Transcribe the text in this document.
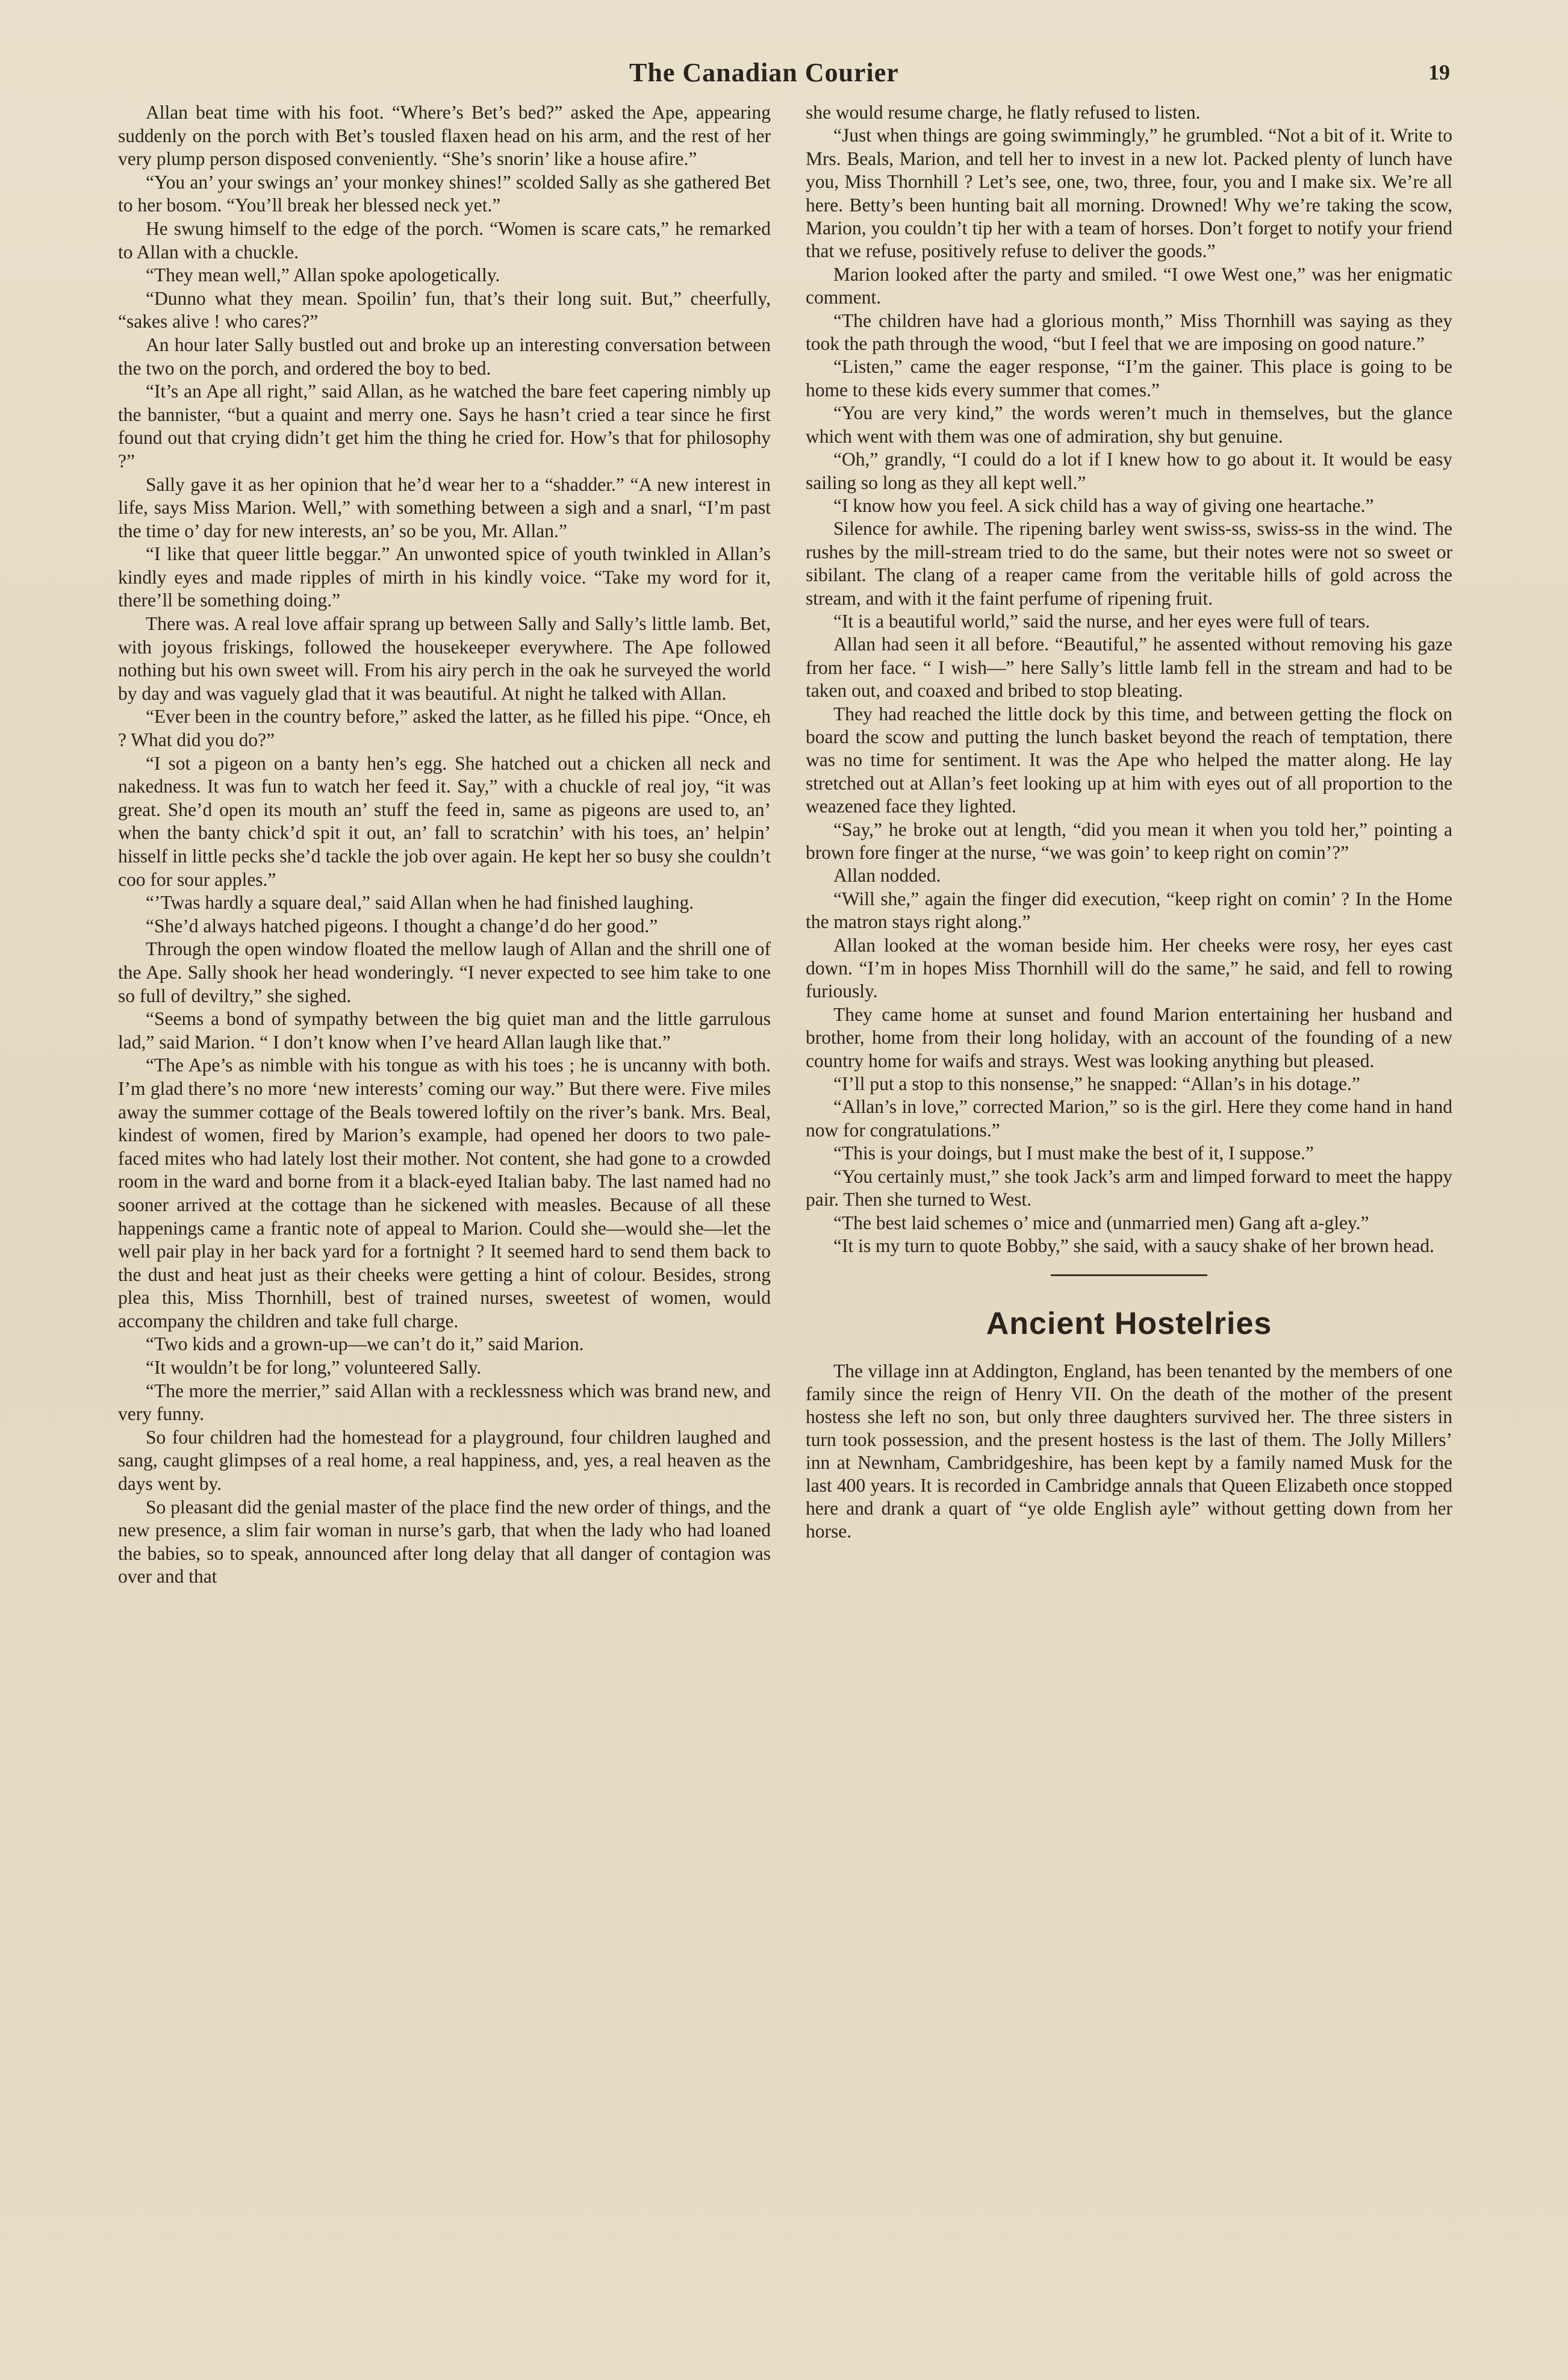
The Canadian Courier	19

Allan beat time with his foot. “Where’s Bet’s bed?” asked the Ape, appearing suddenly on the porch with Bet’s tousled flaxen head on his arm, and the rest of her very plump person disposed conveniently. “She’s snorin’ like a house afire.”

“You an’ your swings an’ your monkey shines!” scolded Sally as she gathered Bet to her bosom. “You’ll break her blessed neck yet.”

He swung himself to the edge of the porch. “Women is scare cats,” he remarked to Allan with a chuckle.

“They mean well,” Allan spoke apologetically.

“Dunno what they mean. Spoilin’ fun, that’s their long suit. But,” cheerfully, “sakes alive ! who cares?”

An hour later Sally bustled out and broke up an interesting conversation between the two on the porch, and ordered the boy to bed.

“It’s an Ape all right,” said Allan, as he watched the bare feet capering nimbly up the bannister, “but a quaint and merry one. Says he hasn’t cried a tear since he first found out that crying didn’t get him the thing he cried for. How’s that for philosophy ?”

Sally gave it as her opinion that he’d wear her to a “shadder.” “A new interest in life, says Miss Marion. Well,” with something between a sigh and a snarl, “I’m past the time o’ day for new interests, an’ so be you, Mr. Allan.”

“I like that queer little beggar.” An unwonted spice of youth twinkled in Allan’s kindly eyes and made ripples of mirth in his kindly voice. “Take my word for it, there’ll be something doing.”

There was. A real love affair sprang up between Sally and Sally’s little lamb. Bet, with joyous friskings, followed the housekeeper everywhere. The Ape followed nothing but his own sweet will. From his airy perch in the oak he surveyed the world by day and was vaguely glad that it was beautiful. At night he talked with Allan.

“Ever been in the country before,” asked the latter, as he filled his pipe. “Once, eh ? What did you do?”

“I sot a pigeon on a banty hen’s egg. She hatched out a chicken all neck and nakedness. It was fun to watch her feed it. Say,” with a chuckle of real joy, “it was great. She’d open its mouth an’ stuff the feed in, same as pigeons are used to, an’ when the banty chick’d spit it out, an’ fall to scratchin’ with his toes, an’ helpin’ hisself in little pecks she’d tackle the job over again. He kept her so busy she couldn’t coo for sour apples.”

“’Twas hardly a square deal,” said Allan when he had finished laughing.

“She’d always hatched pigeons. I thought a change’d do her good.”

Through the open window floated the mellow laugh of Allan and the shrill one of the Ape. Sally shook her head wonderingly. “I never expected to see him take to one so full of deviltry,” she sighed.

“Seems a bond of sympathy between the big quiet man and the little garrulous lad,” said Marion. “ I don’t know when I’ve heard Allan laugh like that.”

“The Ape’s as nimble with his tongue as with his toes ; he is uncanny with both. I’m glad there’s no more ‘new interests’ coming our way.” But there were. Five miles away the summer cottage of the Beals towered loftily on the river’s bank. Mrs. Beal, kindest of women, fired by Marion’s example, had opened her doors to two pale-faced mites who had lately lost their mother. Not content, she had gone to a crowded room in the ward and borne from it a black-eyed Italian baby. The last named had no sooner arrived at the cottage than he sickened with measles. Because of all these happenings came a frantic note of appeal to Marion. Could she—would she—let the well pair play in her back yard for a fortnight ? It seemed hard to send them back to the dust and heat just as their cheeks were getting a hint of colour. Besides, strong plea this, Miss Thornhill, best of trained nurses, sweetest of women, would accompany the children and take full charge.

“Two kids and a grown-up—we can’t do it,” said Marion.

“It wouldn’t be for long,” volunteered Sally.

“The more the merrier,” said Allan with a recklessness which was brand new, and very funny.

So four children had the homestead for a playground, four children laughed and sang, caught glimpses of a real home, a real happiness, and, yes, a real heaven as the days went by.

So pleasant did the genial master of the place find the new order of things, and the new presence, a slim fair woman in nurse’s garb, that when the lady who had loaned the babies, so to speak, announced after long delay that all danger of contagion was over and that

she would resume charge, he flatly refused to listen.

“Just when things are going swimmingly,” he grumbled. “Not a bit of it. Write to Mrs. Beals, Marion, and tell her to invest in a new lot. Packed plenty of lunch have you, Miss Thornhill ? Let’s see, one, two, three, four, you and I make six. We’re all here. Betty’s been hunting bait all morning. Drowned! Why we’re taking the scow, Marion, you couldn’t tip her with a team of horses. Don’t forget to notify your friend that we refuse, positively refuse to deliver the goods.”

Marion looked after the party and smiled. “I owe West one,” was her enigmatic comment.

“The children have had a glorious month,” Miss Thornhill was saying as they took the path through the wood, “but I feel that we are imposing on good nature.”

“Listen,” came the eager response, “I’m the gainer. This place is going to be home to these kids every summer that comes.”

“You are very kind,” the words weren’t much in themselves, but the glance which went with them was one of admiration, shy but genuine.

“Oh,” grandly, “I could do a lot if I knew how to go about it. It would be easy sailing so long as they all kept well.”

“I know how you feel. A sick child has a way of giving one heartache.”

Silence for awhile. The ripening barley went swiss-ss, swiss-ss in the wind. The rushes by the mill-stream tried to do the same, but their notes were not so sweet or sibilant. The clang of a reaper came from the veritable hills of gold across the stream, and with it the faint perfume of ripening fruit.

“It is a beautiful world,” said the nurse, and her eyes were full of tears.

Allan had seen it all before. “Beautiful,” he assented without removing his gaze from her face. “ I wish—” here Sally’s little lamb fell in the stream and had to be taken out, and coaxed and bribed to stop bleating.

They had reached the little dock by this time, and between getting the flock on board the scow and putting the lunch basket beyond the reach of temptation, there was no time for sentiment. It was the Ape who helped the matter along. He lay stretched out at Allan’s feet looking up at him with eyes out of all proportion to the weazened face they lighted.

“Say,” he broke out at length, “did you mean it when you told her,” pointing a brown fore finger at the nurse, “we was goin’ to keep right on comin’?”

Allan nodded.

“Will she,” again the finger did execution, “keep right on comin’ ? In the Home the matron stays right along.”

Allan looked at the woman beside him. Her cheeks were rosy, her eyes cast down. “I’m in hopes Miss Thornhill will do the same,” he said, and fell to rowing furiously.

They came home at sunset and found Marion entertaining her husband and brother, home from their long holiday, with an account of the founding of a new country home for waifs and strays. West was looking anything but pleased.

“I’ll put a stop to this nonsense,” he snapped: “Allan’s in his dotage.”

“Allan’s in love,” corrected Marion,” so is the girl. Here they come hand in hand now for congratulations.”

“This is your doings, but I must make the best of it, I suppose.”

“You certainly must,” she took Jack’s arm and limped forward to meet the happy pair. Then she turned to West.

“The best laid schemes o’ mice and (unmarried men) Gang aft a-gley.”

“It is my turn to quote Bobby,” she said, with a saucy shake of her brown head.

Ancient Hostelries

The village inn at Addington, England, has been tenanted by the members of one family since the reign of Henry VII. On the death of the mother of the present hostess she left no son, but only three daughters survived her. The three sisters in turn took possession, and the present hostess is the last of them. The Jolly Millers’ inn at Newnham, Cambridgeshire, has been kept by a family named Musk for the last 400 years. It is recorded in Cambridge annals that Queen Elizabeth once stopped here and drank a quart of “ye olde English ayle” without getting down from her horse.
